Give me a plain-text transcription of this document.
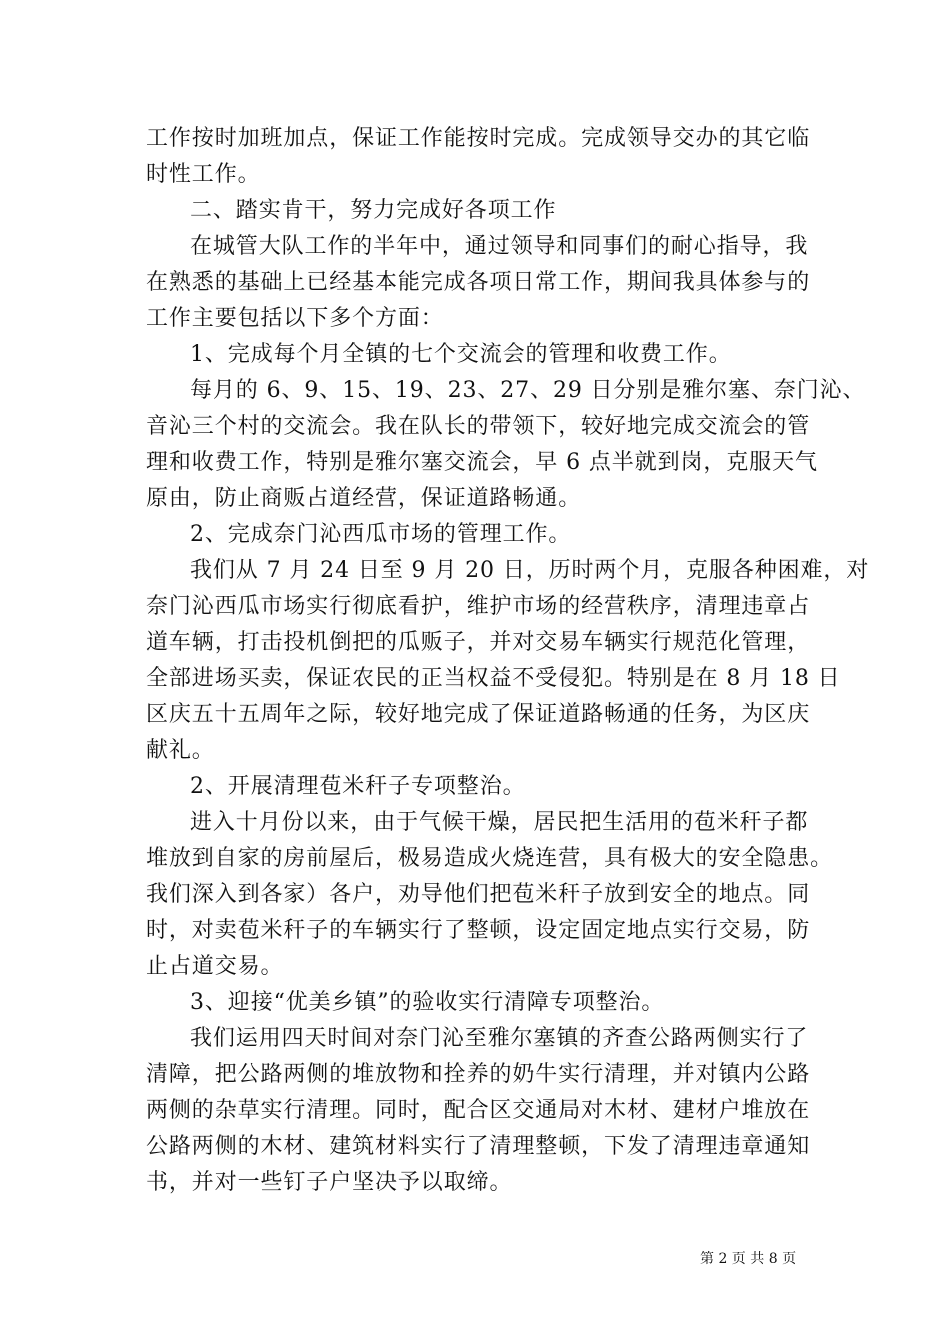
工作按时加班加点，保证工作能按时完成。完成领导交办的其它临
时性工作。
二、踏实肯干，努力完成好各项工作
在城管大队工作的半年中，通过领导和同事们的耐心指导，我
在熟悉的基础上已经基本能完成各项日常工作，期间我具体参与的
工作主要包括以下多个方面：
1、完成每个月全镇的七个交流会的管理和收费工作。
每月的 6、9、15、19、23、27、29 日分别是雅尔塞、奈门沁、
音沁三个村的交流会。我在队长的带领下，较好地完成交流会的管
理和收费工作，特别是雅尔塞交流会，早 6 点半就到岗，克服天气
原由，防止商贩占道经营，保证道路畅通。
2、完成奈门沁西瓜市场的管理工作。
我们从 7 月 24 日至 9 月 20 日，历时两个月，克服各种困难，对
奈门沁西瓜市场实行彻底看护，维护市场的经营秩序，清理违章占
道车辆，打击投机倒把的瓜贩子，并对交易车辆实行规范化管理，
全部进场买卖，保证农民的正当权益不受侵犯。特别是在 8 月 18 日
区庆五十五周年之际，较好地完成了保证道路畅通的任务，为区庆
献礼。
2、开展清理苞米秆子专项整治。
进入十月份以来，由于气候干燥，居民把生活用的苞米秆子都
堆放到自家的房前屋后，极易造成火烧连营，具有极大的安全隐患。
我们深入到各家）各户，劝导他们把苞米秆子放到安全的地点。同
时，对卖苞米秆子的车辆实行了整顿，设定固定地点实行交易，防
止占道交易。
3、迎接“优美乡镇”的验收实行清障专项整治。
我们运用四天时间对奈门沁至雅尔塞镇的齐查公路两侧实行了
清障，把公路两侧的堆放物和拴养的奶牛实行清理，并对镇内公路
两侧的杂草实行清理。同时，配合区交通局对木材、建材户堆放在
公路两侧的木材、建筑材料实行了清理整顿，下发了清理违章通知
书，并对一些钉子户坚决予以取缔。
第 2 页 共 8 页
